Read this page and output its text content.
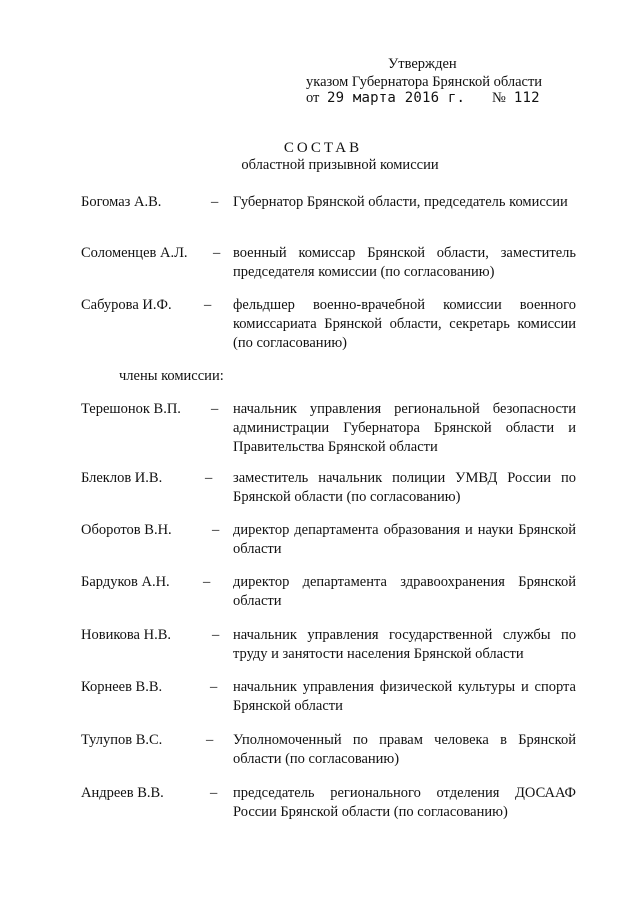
Утвержден
указом Губернатора Брянской области
от 29 марта 2016 г. № 112
СОСТАВ
областной призывной комиссии
Богомаз А.В.	– Губернатор Брянской области, председатель комиссии
Соломенцев А.Л. – военный комиссар Брянской области, заместитель председателя комиссии (по согласованию)
Сабурова И.Ф. – фельдшер военно-врачебной комиссии военного комиссариата Брянской области, секретарь комиссии (по согласованию)
члены комиссии:
Терешонок В.П. – начальник управления региональной безопасности администрации Губернатора Брянской области и Правительства Брянской области
Блеклов И.В.	– заместитель начальник полиции УМВД России по Брянской области (по согласованию)
Оборотов В.Н.	– директор департамента образования и науки Брянской области
Бардуков А.Н. – директор департамента здравоохранения Брянской области
Новикова Н.В.	– начальник управления государственной службы по труду и занятости населения Брянской области
Корнеев В.В.	– начальник управления физической культуры и спорта Брянской области
Тулупов В.С.	– Уполномоченный по правам человека в Брянской области (по согласованию)
Андреев В.В.	– председатель регионального отделения ДОСААФ России Брянской области (по согласованию)
